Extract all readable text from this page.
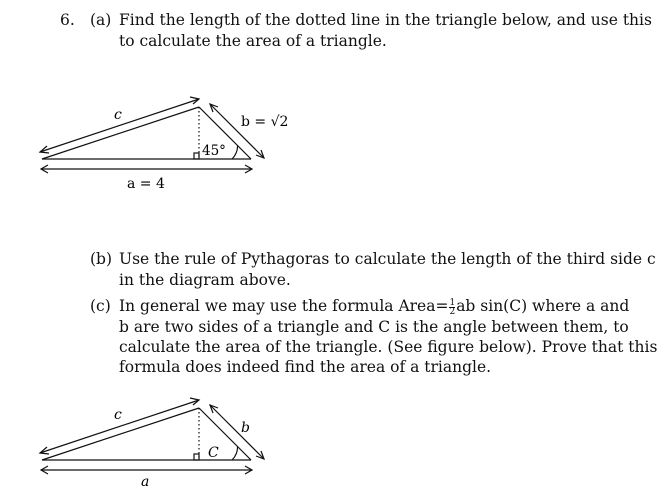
6. (a) Find the length of the dotted line in the triangle below, and use this
to calculate the area of a triangle.
c	b = √2
45°
a = 4
(b) Use the rule of Pythagoras to calculate the length of the third side c
in the diagram above.
(c) In general we may use the formula Area= $\frac{1}{2}$ ab sin(C) where a and
b are two sides of a triangle and C is the angle between them, to
calculate the area of the triangle. (See figure below). Prove that this
formula does indeed find the area of a triangle.
c
b
C
a
